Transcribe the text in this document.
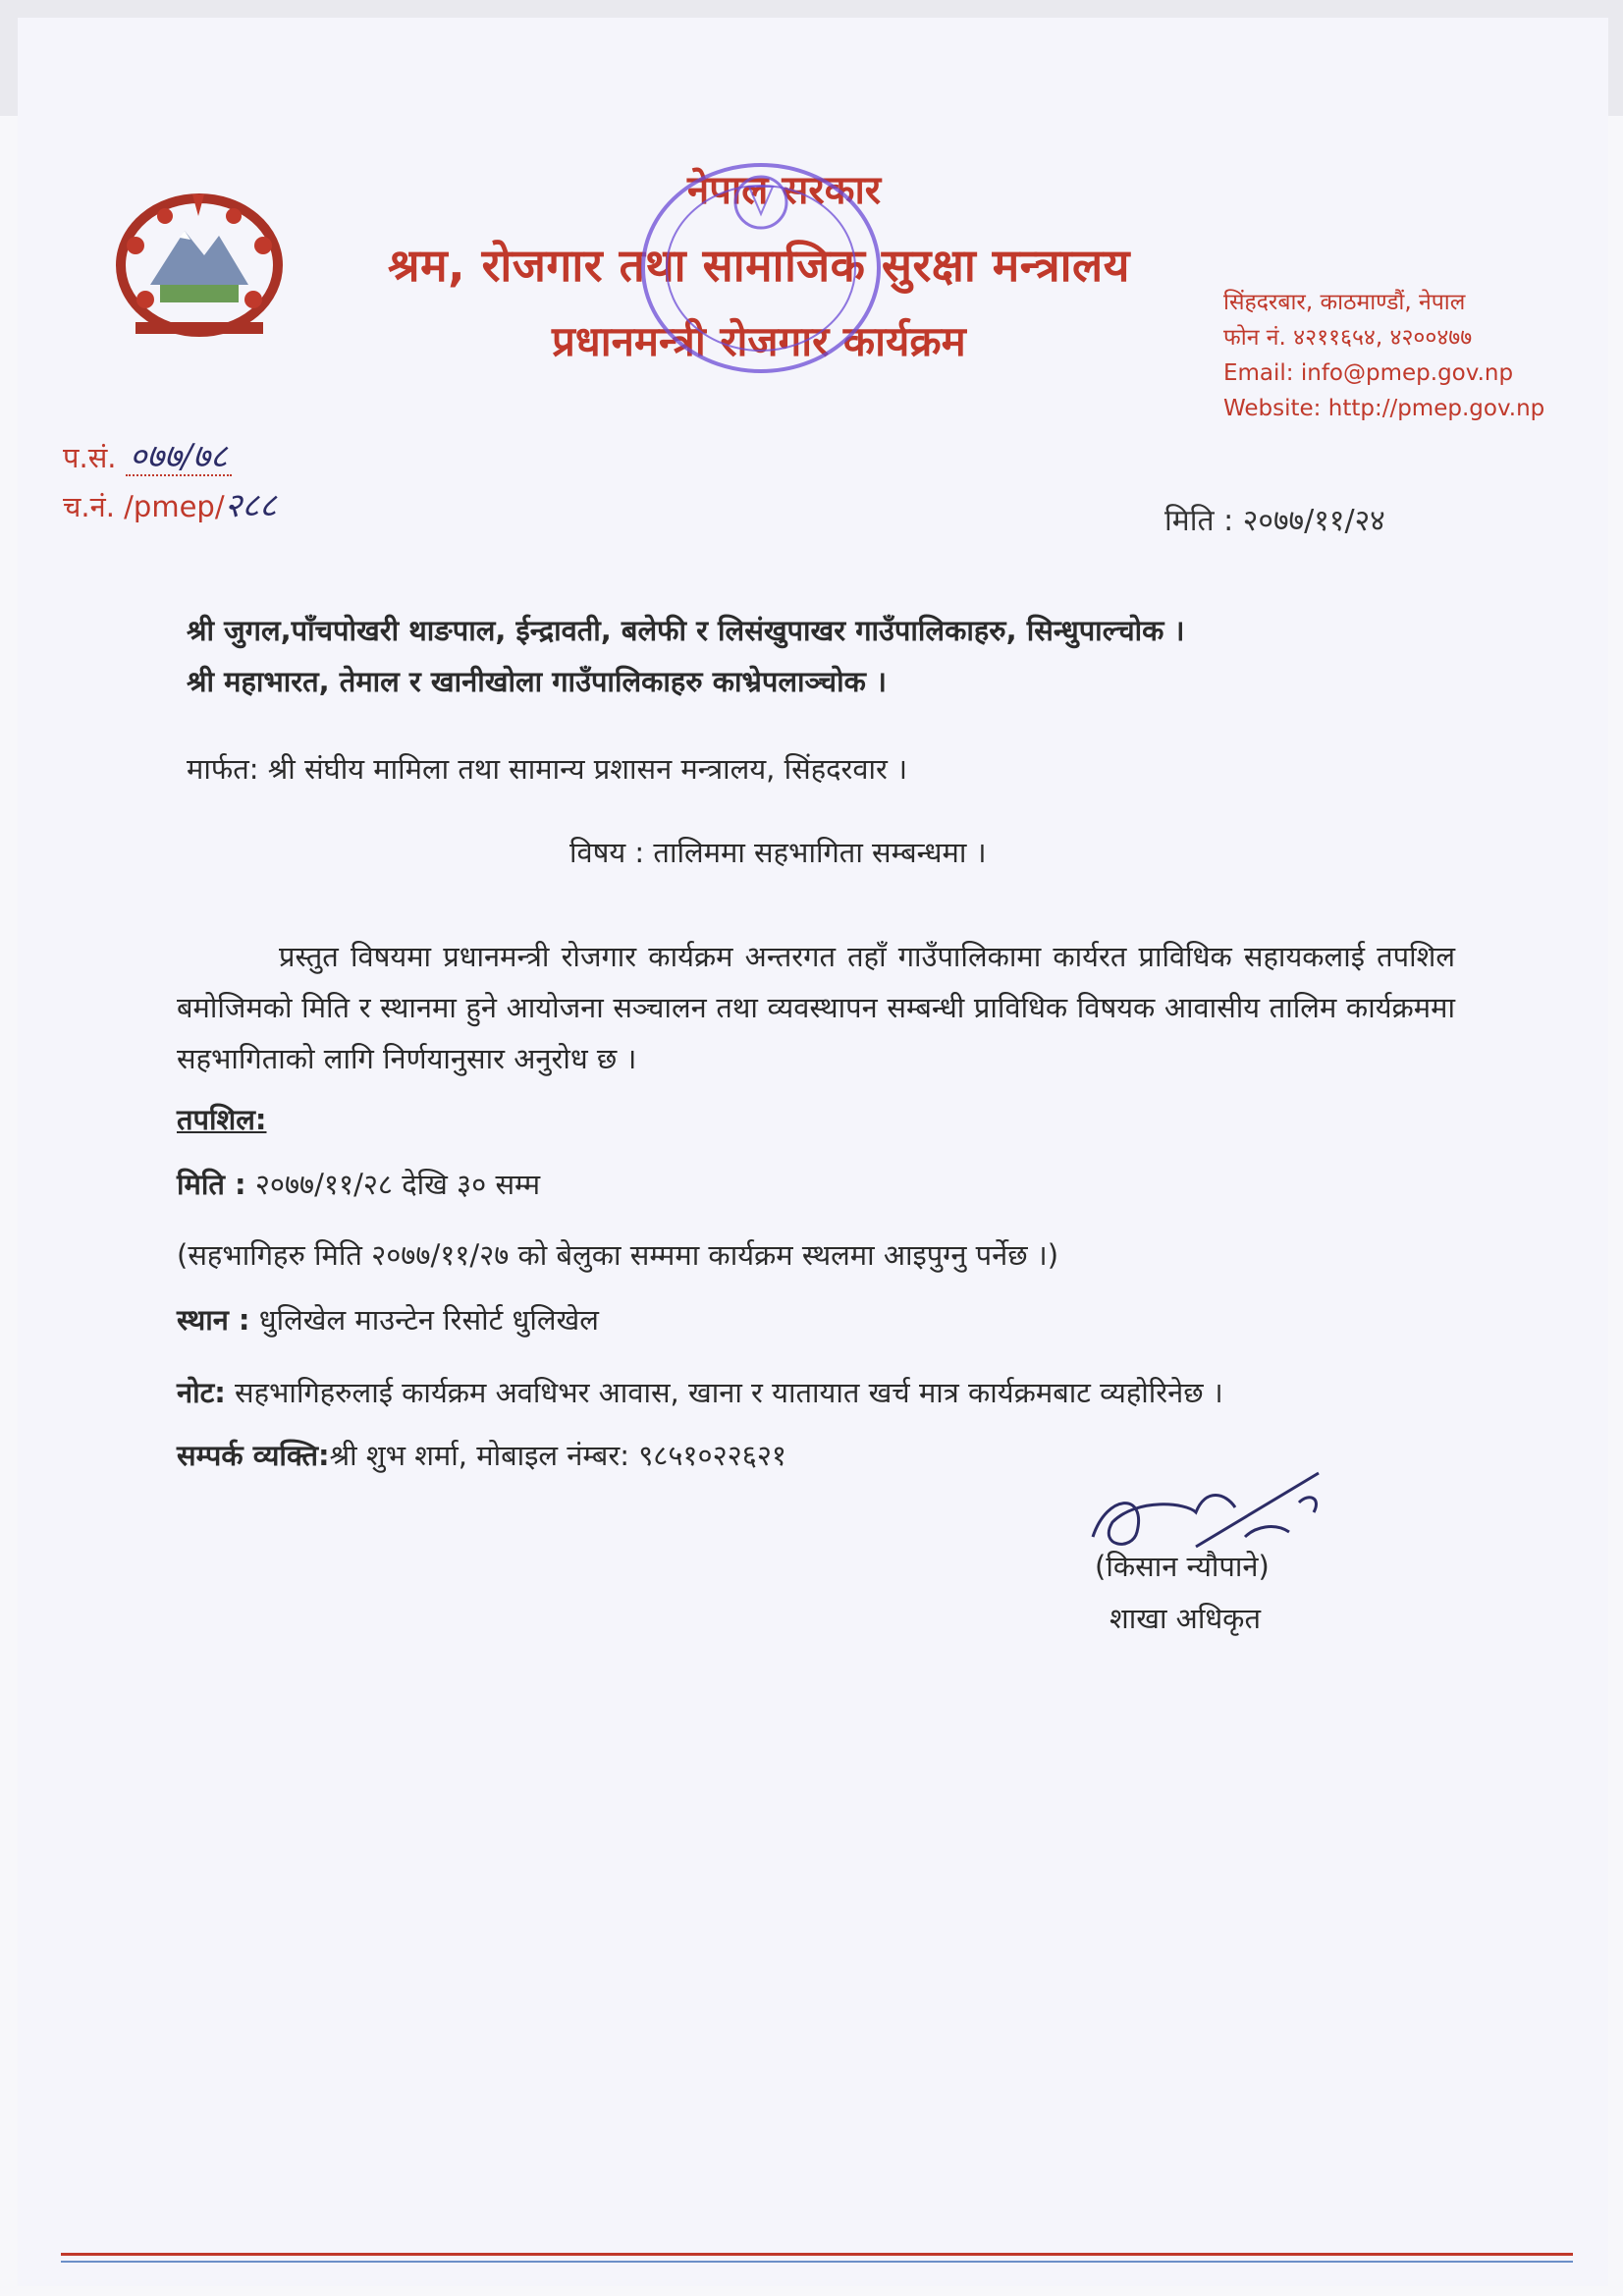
नेपाल सरकार
श्रम, रोजगार तथा सामाजिक सुरक्षा मन्त्रालय
प्रधानमन्त्री रोजगार कार्यक्रम
सिंहदरबार, काठमाण्डौं, नेपाल
फोन नं. ४२११६५४, ४२००४७७
Email: info@pmep.gov.np
Website: http://pmep.gov.np
प.सं. ०७७/७८
च.नं. /pmep/२८८	मिति : २०७७/११/२४
श्री जुगल,पाँचपोखरी थाङपाल, ईन्द्रावती, बलेफी र लिसंखुपाखर गाउँपालिकाहरु, सिन्धुपाल्चोक ।
श्री महाभारत, तेमाल र खानीखोला गाउँपालिकाहरु काभ्रेपलाञ्चोक ।
मार्फत: श्री संघीय मामिला तथा सामान्य प्रशासन मन्त्रालय, सिंहदरवार ।
विषय : तालिममा सहभागिता सम्बन्धमा ।
प्रस्तुत विषयमा प्रधानमन्त्री रोजगार कार्यक्रम अन्तरगत तहाँ गाउँपालिकामा कार्यरत प्राविधिक सहायकलाई तपशिल बमोजिमको मिति र स्थानमा हुने आयोजना सञ्चालन तथा व्यवस्थापन सम्बन्धी प्राविधिक विषयक आवासीय तालिम कार्यक्रममा सहभागिताको लागि निर्णयानुसार अनुरोध छ ।
तपशिल:
मिति : २०७७/११/२८ देखि ३० सम्म
(सहभागिहरु मिति २०७७/११/२७ को बेलुका सम्ममा कार्यक्रम स्थलमा आइपुग्नु पर्नेछ ।)
स्थान : धुलिखेल माउन्टेन रिसोर्ट धुलिखेल
नोट: सहभागिहरुलाई कार्यक्रम अवधिभर आवास, खाना र यातायात खर्च मात्र कार्यक्रमबाट व्यहोरिनेछ ।
सम्पर्क व्यक्ति:श्री शुभ शर्मा, मोबाइल नंम्बर: ९८५१०२२६२१
(किसान न्यौपाने)
शाखा अधिकृत
